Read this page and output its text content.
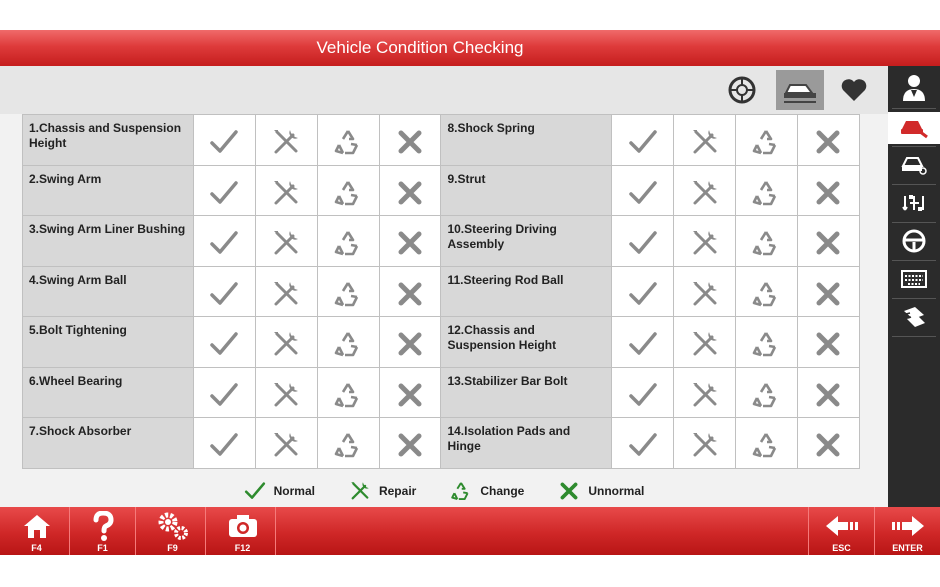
Vehicle Condition Checking
1.Chassis and Suspension Height					8.Shock Spring				
2.Swing Arm					9.Strut				
3.Swing Arm Liner Bushing					10.Steering Driving Assembly				
4.Swing Arm Ball					11.Steering Rod Ball				
5.Bolt Tightening					12.Chassis and Suspension Height				
6.Wheel Bearing					13.Stabilizer Bar Bolt				
7.Shock Absorber					14.Isolation Pads and Hinge				
Normal	Repair	Change	Unnormal
F4	F1	F9	F12	ESC	ENTER
